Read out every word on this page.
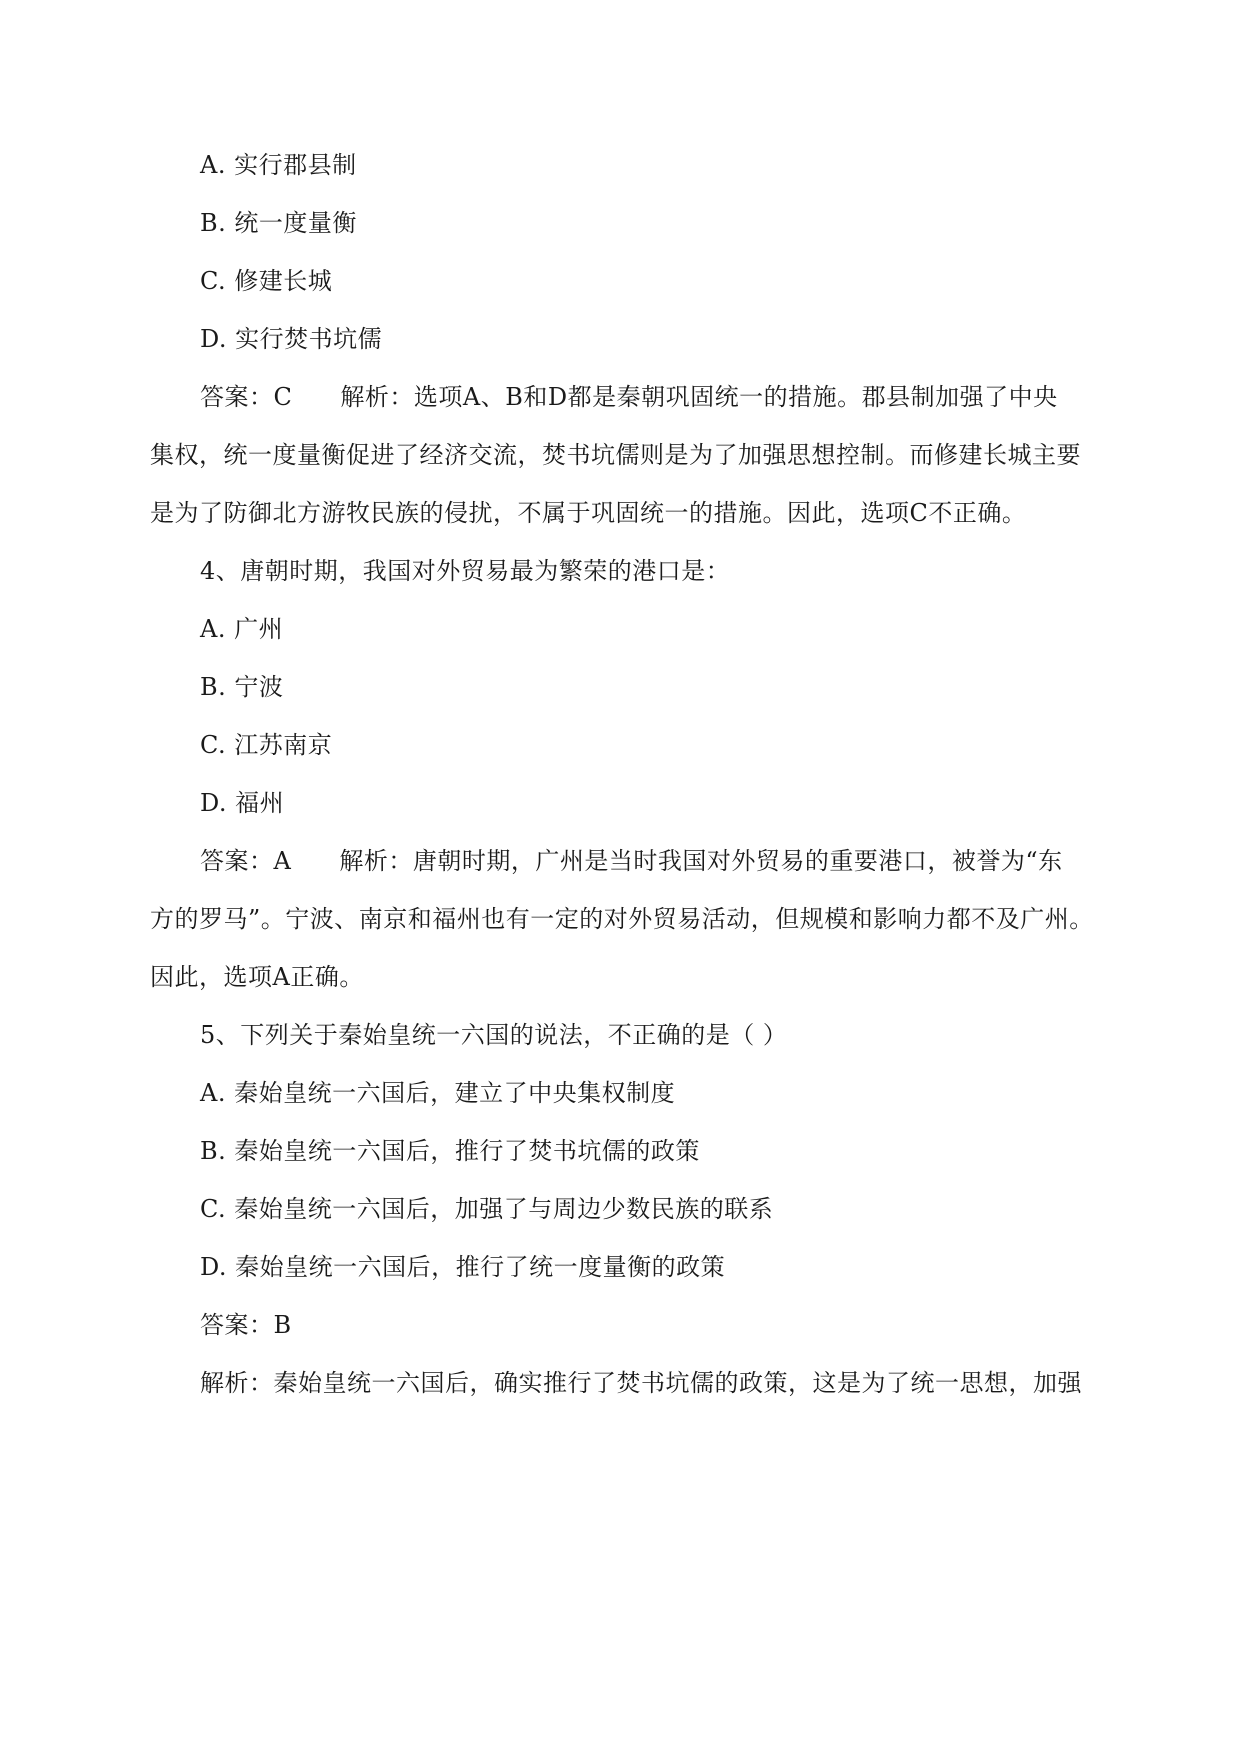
A. 实行郡县制
B. 统一度量衡
C. 修建长城
D. 实行焚书坑儒
答案：C 解析：选项A、B和D都是秦朝巩固统一的措施。郡县制加强了中央
集权，统一度量衡促进了经济交流，焚书坑儒则是为了加强思想控制。而修建长城主要
是为了防御北方游牧民族的侵扰，不属于巩固统一的措施。因此，选项C不正确。
4、唐朝时期，我国对外贸易最为繁荣的港口是：
A. 广州
B. 宁波
C. 江苏南京
D. 福州
答案：A 解析：唐朝时期，广州是当时我国对外贸易的重要港口，被誉为“东
方的罗马”。宁波、南京和福州也有一定的对外贸易活动，但规模和影响力都不及广州。
因此，选项A正确。
5、下列关于秦始皇统一六国的说法，不正确的是（ ）
A. 秦始皇统一六国后，建立了中央集权制度
B. 秦始皇统一六国后，推行了焚书坑儒的政策
C. 秦始皇统一六国后，加强了与周边少数民族的联系
D. 秦始皇统一六国后，推行了统一度量衡的政策
答案：B
解析：秦始皇统一六国后，确实推行了焚书坑儒的政策，这是为了统一思想，加强
